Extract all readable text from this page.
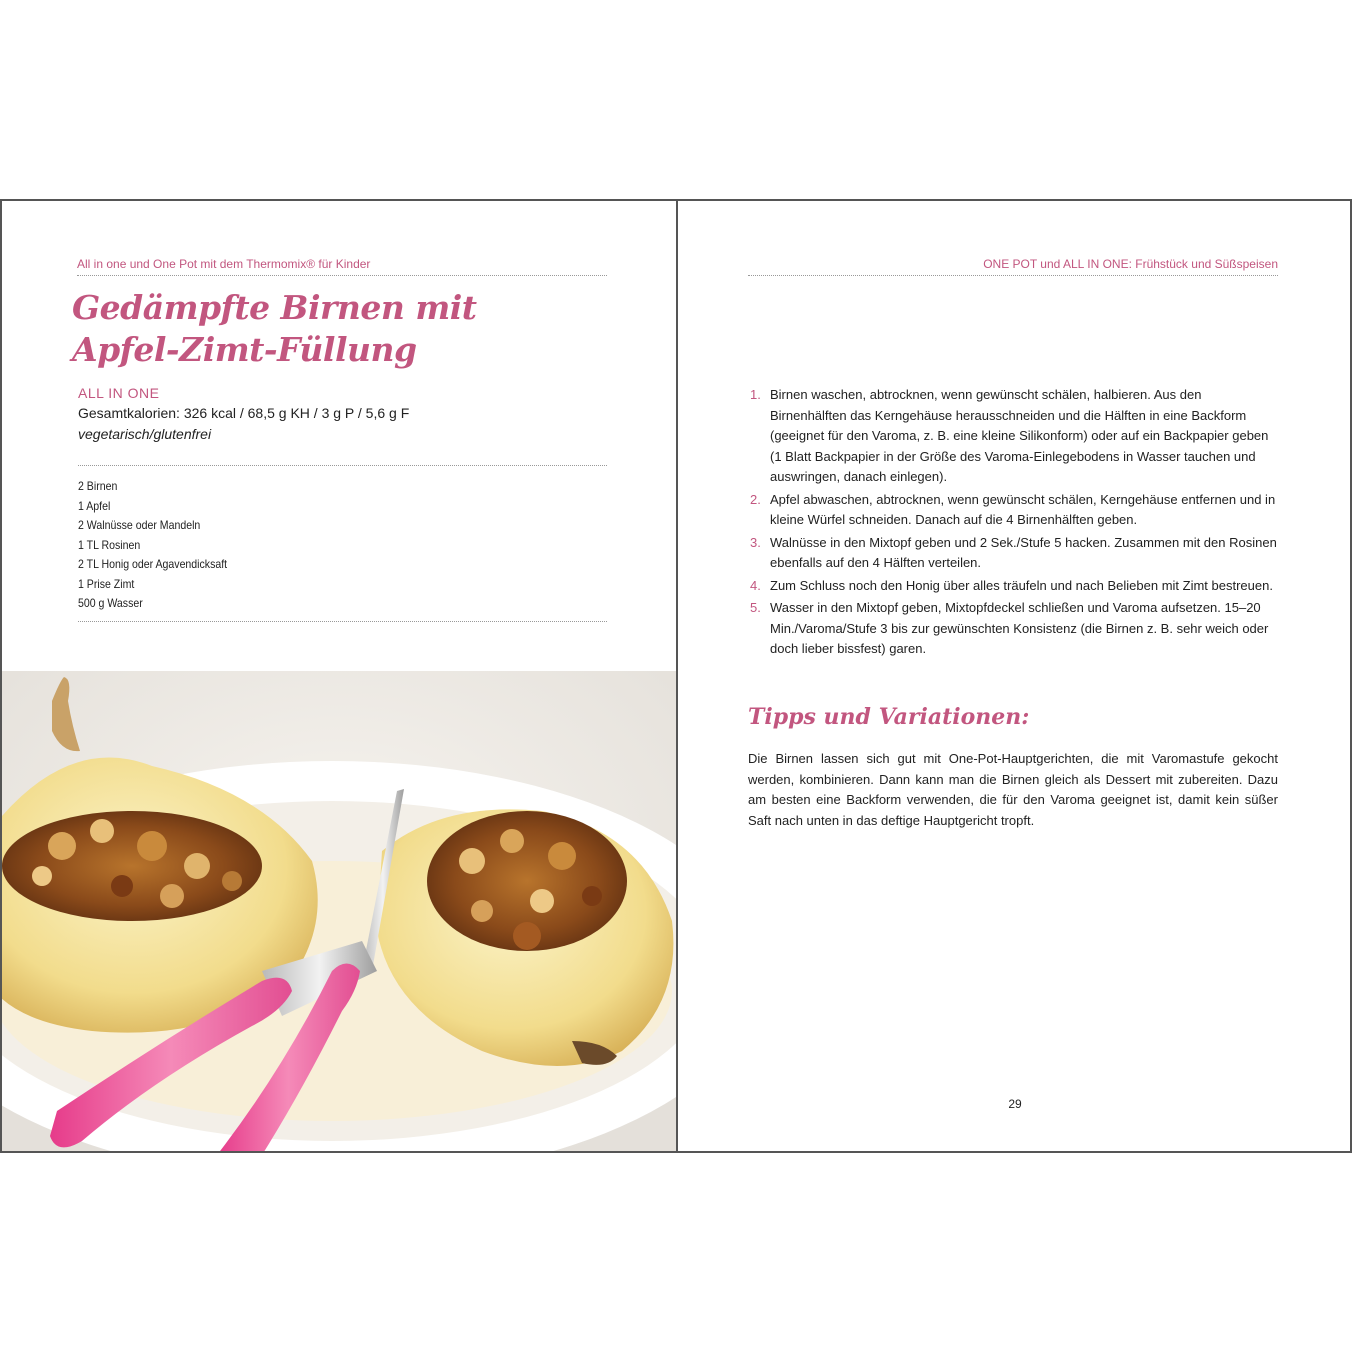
All in one und One Pot mit dem Thermomix® für Kinder
Gedämpfte Birnen mit
Apfel-Zimt-Füllung
ALL IN ONE
Gesamtkalorien: 326 kcal / 68,5 g KH / 3 g P / 5,6 g F
vegetarisch/glutenfrei
2 Birnen
1 Apfel
2 Walnüsse oder Mandeln
1 TL Rosinen
2 TL Honig oder Agavendicksaft
1 Prise Zimt
500 g Wasser
ONE POT und ALL IN ONE: Frühstück und Süßspeisen
1. Birnen waschen, abtrocknen, wenn gewünscht schälen, halbieren. Aus den Birnenhälften das Kerngehäuse herausschneiden und die Hälften in eine Backform (geeignet für den Varoma, z. B. eine kleine Silikonform) oder auf ein Backpapier geben (1 Blatt Backpapier in der Größe des Varoma-Einlegebodens in Wasser tauchen und auswringen, danach einlegen).
2. Apfel abwaschen, abtrocknen, wenn gewünscht schälen, Kerngehäuse entfernen und in kleine Würfel schneiden. Danach auf die 4 Birnenhälften geben.
3. Walnüsse in den Mixtopf geben und 2 Sek./Stufe 5 hacken. Zusammen mit den Rosinen ebenfalls auf den 4 Hälften verteilen.
4. Zum Schluss noch den Honig über alles träufeln und nach Belieben mit Zimt bestreuen.
5. Wasser in den Mixtopf geben, Mixtopfdeckel schließen und Varoma aufsetzen. 15–20 Min./Varoma/Stufe 3 bis zur gewünschten Konsistenz (die Birnen z. B. sehr weich oder doch lieber bissfest) garen.
Tipps und Variationen:

Die Birnen lassen sich gut mit One-Pot-Hauptgerichten, die mit Varomastufe gekocht werden, kombinieren. Dann kann man die Birnen gleich als Dessert mit zubereiten. Dazu am besten eine Backform verwenden, die für den Varoma geeignet ist, damit kein süßer Saft nach unten in das deftige Hauptgericht tropft.

29
